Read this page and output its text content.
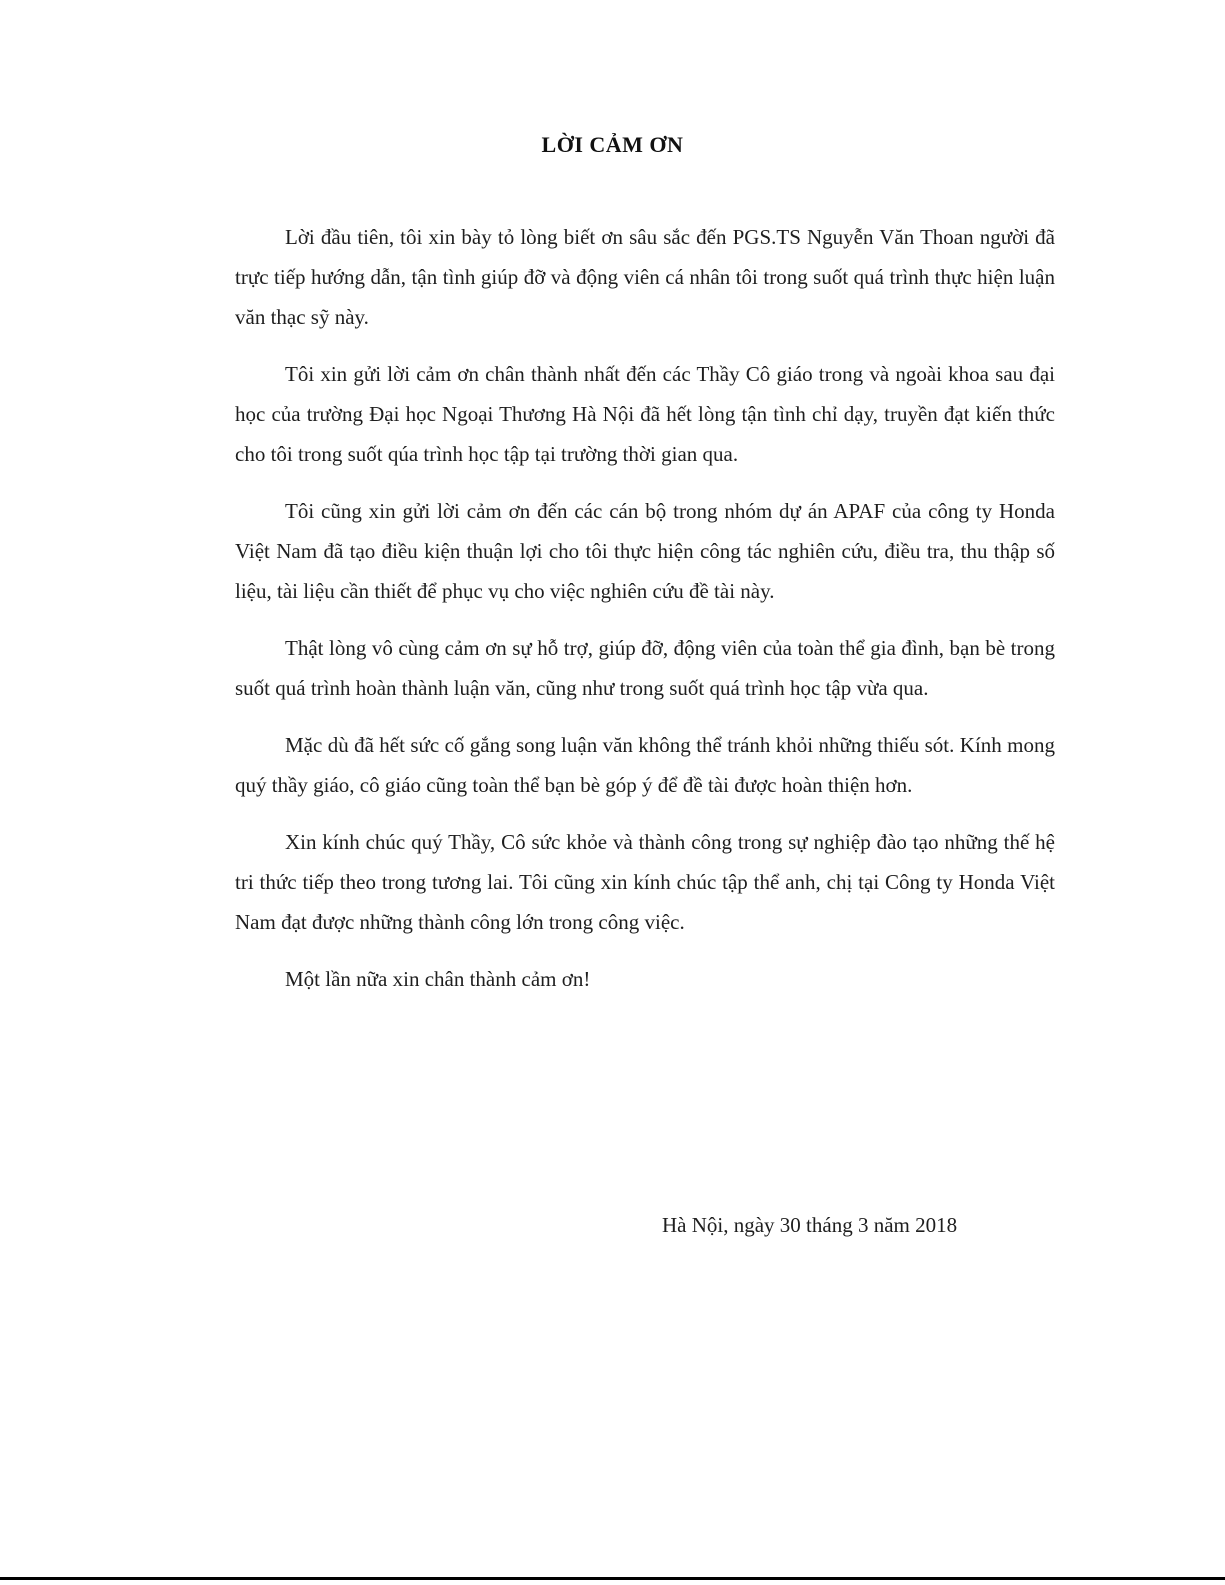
LỜI CẢM ƠN

Lời đầu tiên, tôi xin bày tỏ lòng biết ơn sâu sắc đến PGS.TS Nguyễn Văn Thoan người đã trực tiếp hướng dẫn, tận tình giúp đỡ và động viên cá nhân tôi trong suốt quá trình thực hiện luận văn thạc sỹ này.

Tôi xin gửi lời cảm ơn chân thành nhất đến các Thầy Cô giáo trong và ngoài khoa sau đại học của trường Đại học Ngoại Thương Hà Nội đã hết lòng tận tình chỉ dạy, truyền đạt kiến thức cho tôi trong suốt qúa trình học tập tại trường thời gian qua.

Tôi cũng xin gửi lời cảm ơn đến các cán bộ trong nhóm dự án APAF của công ty Honda Việt Nam đã tạo điều kiện thuận lợi cho tôi thực hiện công tác nghiên cứu, điều tra, thu thập số liệu, tài liệu cần thiết để phục vụ cho việc nghiên cứu đề tài này.

Thật lòng vô cùng cảm ơn sự hỗ trợ, giúp đỡ, động viên của toàn thể gia đình, bạn bè trong suốt quá trình hoàn thành luận văn, cũng như trong suốt quá trình học tập vừa qua.

Mặc dù đã hết sức cố gắng song luận văn không thể tránh khỏi những thiếu sót. Kính mong quý thầy giáo, cô giáo cũng toàn thể bạn bè góp ý để đề tài được hoàn thiện hơn.

Xin kính chúc quý Thầy, Cô sức khỏe và thành công trong sự nghiệp đào tạo những thế hệ tri thức tiếp theo trong tương lai. Tôi cũng xin kính chúc tập thể anh, chị tại Công ty Honda Việt Nam đạt được những thành công lớn trong công việc.

Một lần nữa xin chân thành cảm ơn!

Hà Nội, ngày 30 tháng 3 năm 2018
